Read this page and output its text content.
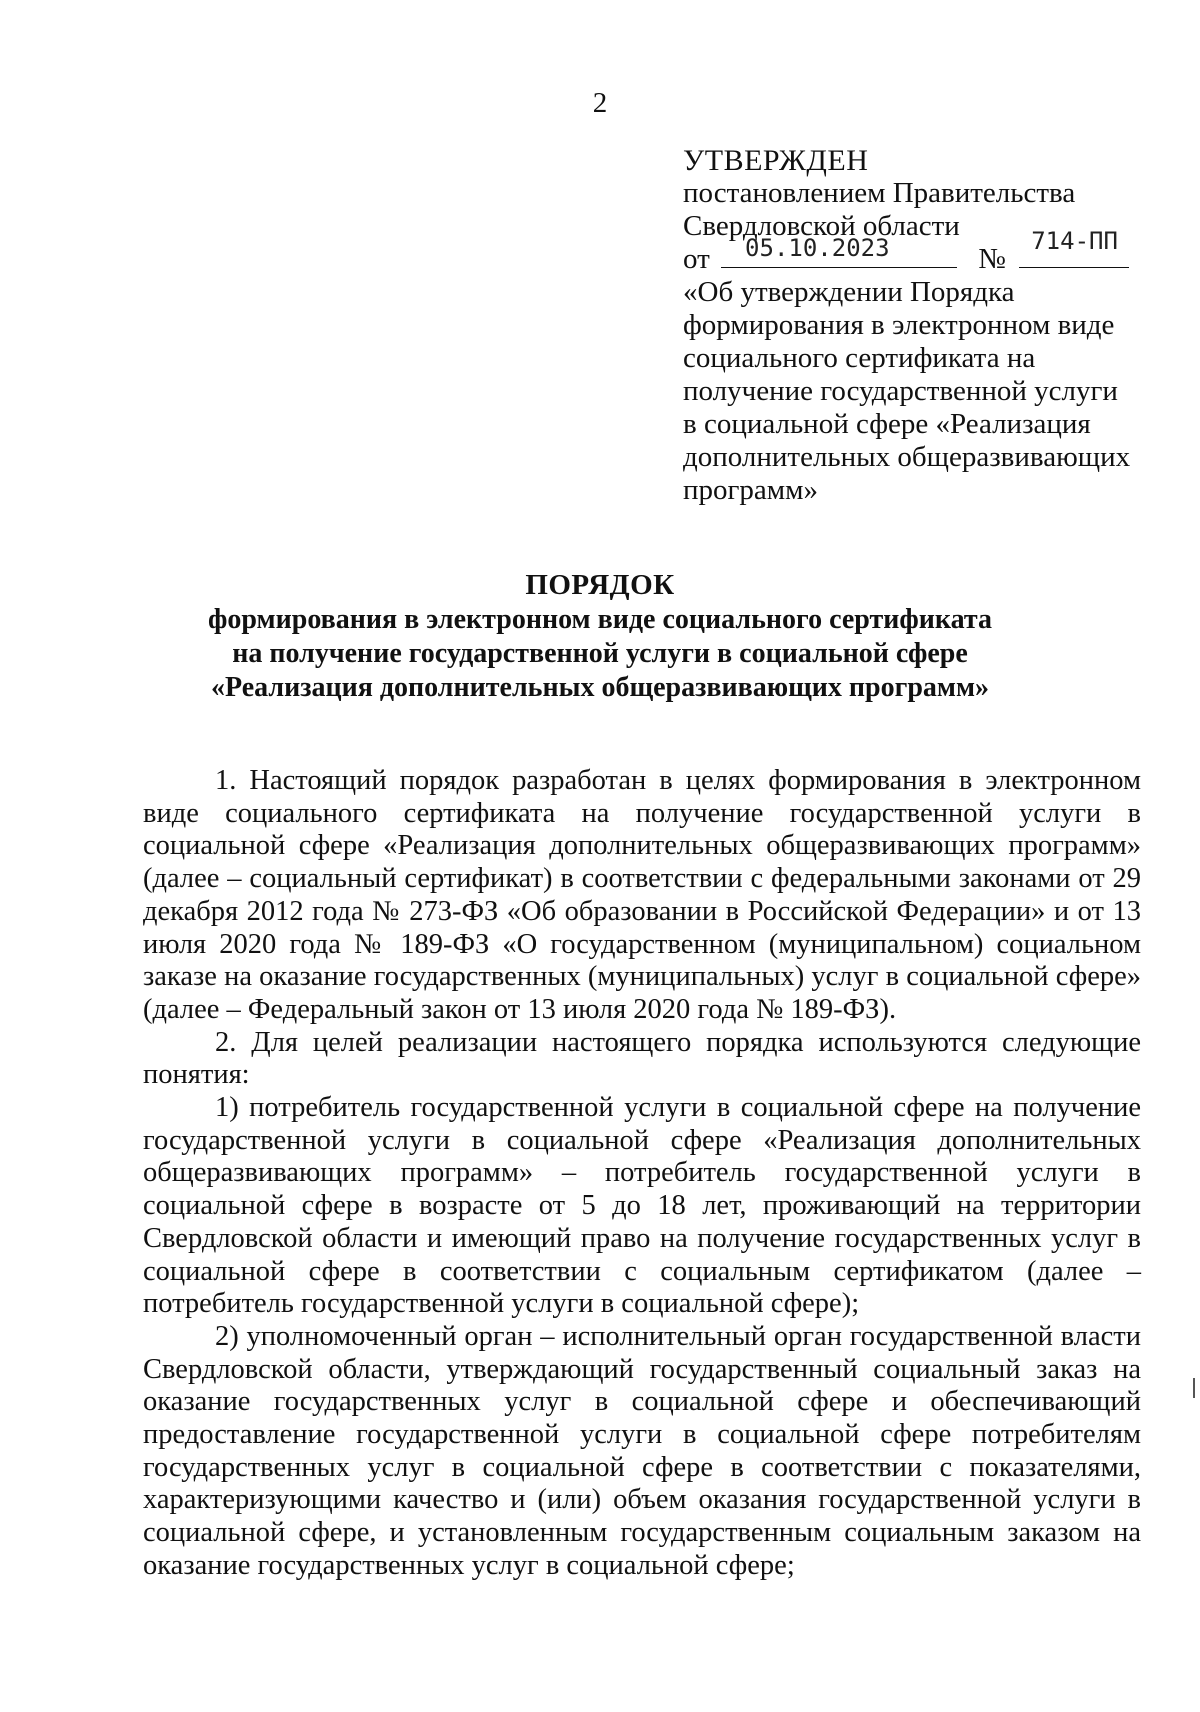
2
УТВЕРЖДЕН
постановлением Правительства
Свердловской области
от 05.10.2023	№
714-ПП
«Об утверждении Порядка
формирования в электронном виде
социального сертификата на
получение государственной услуги
в социальной сфере «Реализация
дополнительных общеразвивающих
программ»
ПОРЯДОК
формирования в электронном виде социального сертификата
на получение государственной услуги в социальной сфере
«Реализация дополнительных общеразвивающих программ»

1. Настоящий порядок разработан в целях формирования в электронном виде социального сертификата на получение государственной услуги в социальной сфере «Реализация дополнительных общеразвивающих программ» (далее – социальный сертификат) в соответствии с федеральными законами от 29 декабря 2012 года № 273-ФЗ «Об образовании в Российской Федерации» и от 13 июля 2020 года № 189-ФЗ «О государственном (муниципальном) социальном заказе на оказание государственных (муниципальных) услуг в социальной сфере» (далее – Федеральный закон от 13 июля 2020 года № 189-ФЗ).

2. Для целей реализации настоящего порядка используются следующие понятия:

1) потребитель государственной услуги в социальной сфере на получение государственной услуги в социальной сфере «Реализация дополнительных общеразвивающих программ» – потребитель государственной услуги в социальной сфере в возрасте от 5 до 18 лет, проживающий на территории Свердловской области и имеющий право на получение государственных услуг в социальной сфере в соответствии с социальным сертификатом (далее – потребитель государственной услуги в социальной сфере);

2) уполномоченный орган – исполнительный орган государственной власти Свердловской области, утверждающий государственный социальный заказ на оказание государственных услуг в социальной сфере и обеспечивающий предоставление государственной услуги в социальной сфере потребителям государственных услуг в социальной сфере в соответствии с показателями, характеризующими качество и (или) объем оказания государственной услуги в социальной сфере, и установленным государственным социальным заказом на оказание государственных услуг в социальной сфере;
